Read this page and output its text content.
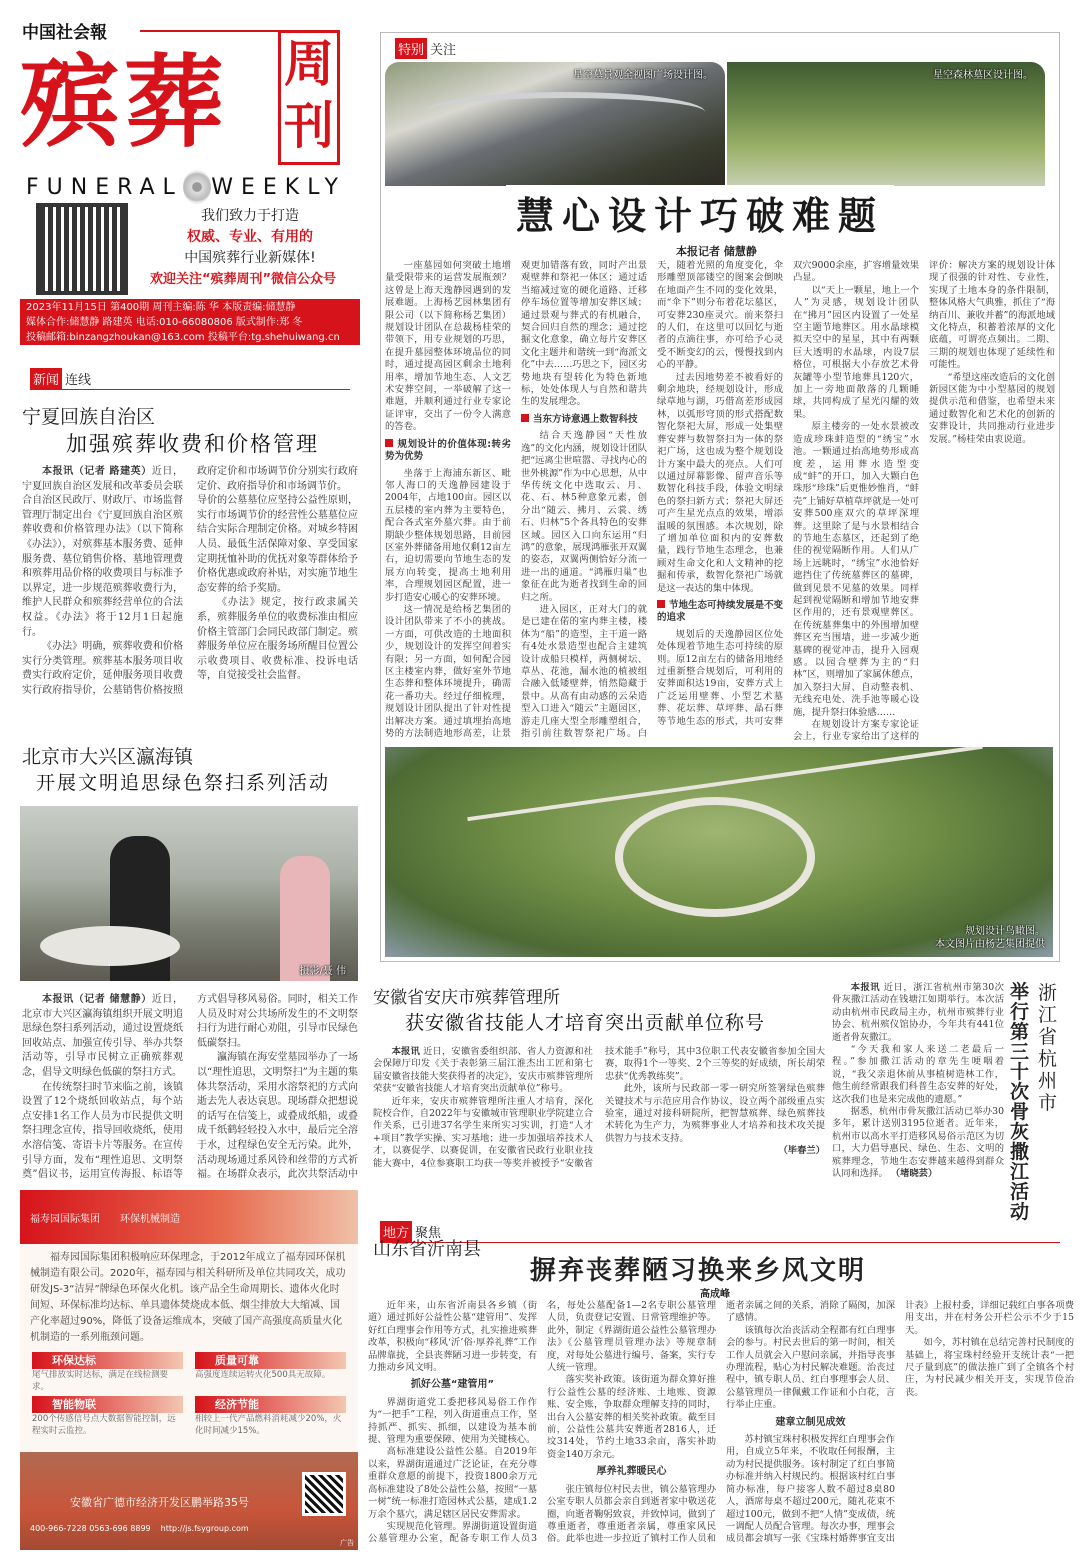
中国社会報
殡葬 周
刊
FUNERAL WEEKLY
我们致力于打造
权威、专业、有用的
中国殡葬行业新媒体!
欢迎关注“殡葬周刊”微信公众号
2023年11月15日 第400期 周刊主编:陈 华 本版责编:储慧静
媒体合作:储慧静 路建英 电话:010-66080806 版式制作:郑 冬
投稿邮箱:binzangzhoukan@163.com 投稿平台:tg.shehuiwang.cn
新闻 连线
宁夏回族自治区
加强殡葬收费和价格管理

本报讯（记者 路建英）近日，宁夏回族自治区发展和改革委员会联合自治区民政厅、财政厅、市场监督管理厅制定出台《宁夏回族自治区殡葬收费和价格管理办法》（以下简称《办法》），对殡葬基本服务费、延伸服务费、墓位销售价格、墓地管理费和殡葬用品价格的收费项目与标准予以界定，进一步规范殡葬收费行为，维护人民群众和殡葬经营单位的合法权益。《办法》将于12月1日起施行。

《办法》明确，殡葬收费和价格实行分类管理。殡葬基本服务项目收费实行政府定价，延伸服务项目收费实行政府指导价，公墓销售价格按照政府定价和市场调节价分别实行政府定价、政府指导价和市场调节价。

导价的公墓墓位应坚持公益性原则，实行市场调节价的经营性公墓墓位应结合实际合理制定价格。对城乡特困人员、最低生活保障对象、享受国家定期抚恤补助的优抚对象等群体给予价格优惠或政府补贴，对实施节地生态安葬的给予奖励。

《办法》规定，按行政隶属关系，殡葬服务单位的收费标准由相应价格主管部门会同民政部门制定。殡葬服务单位应在服务场所醒目位置公示收费项目、收费标准、投诉电话等，自觉接受社会监督。

北京市大兴区瀛海镇
开展文明追思绿色祭扫系列活动
摄影/聂 伟

本报讯（记者 储慧静）近日，北京市大兴区瀛海镇组织开展文明追思绿色祭扫系列活动，通过设置烧纸回收站点、加强宣传引导、举办共祭活动等，引导市民树立正确殡葬观念，倡导文明绿色低碳的祭扫方式。

在传统祭扫时节来临之前，该镇设置了12个烧纸回收站点，每个站点安排1名工作人员为市民提供文明祭扫理念宣传，指导回收烧纸，使用水溶信笺、寄语卡片等服务。在宣传引导方面，发布“理性追思、文明祭奠”倡议书，运用宣传海报、标语等方式倡导移风易俗。同时，相关工作人员及时对公共场所发生的不文明祭扫行为进行耐心劝阻，引导市民绿色低碳祭扫。

瀛海镇在海安堂墓园举办了一场以“理性追思，文明祭扫”为主题的集体共祭活动，采用水溶祭祀的方式向逝去先人表达哀思。现场群众把想说的话写在信笺上，或叠成纸船，或叠成千纸鹤轻轻投入水中，最后完全溶于水，过程绿色安全无污染。此外，活动现场通过系风铃和丝带的方式祈福。在场群众表示，此次共祭活动中

福寿园国际集团 环保机械制造

福寿园国际集团积极响应环保理念，于2012年成立了福寿园环保机械制造有限公司。2020年，福寿园与相关科研所及单位共同攻关，成功研发JS-3“洁昇”牌绿色环保火化机。该产品全生命周期长、遗体火化时间短、环保标准均达标、单具遗体焚烧成本低、烟尘排放大大缩减、国产化率超过90%，降低了设备运维成本，突破了国产高强度高质量火化机制造的一系列瓶颈问题。

环保达标
尾气排放实时达标，满足在线检测要求。
质量可靠
高强度连续运转火化500具无故障。
智能物联
200个传感信号点大数据智能控制，远程实时云监控。
经济节能
相较上一代产品燃料消耗减少20%，火化时间减少15%。
安徽省广德市经济开发区鹏举路35号
400-966-7228 0563-696 8899 http://js.fsygroup.com
广告
特别 关注
星空墓景观全视图广场设计图。	星空森林墓区设计图。
慧心设计巧破难题
本报记者 储慧静

一座墓园如何突破土地增量受限带来的运营发展瓶颈？这曾是上海天逸静园遇到的发展难题。上海杨艺园林集团有限公司（以下简称杨艺集团）规划设计团队在总裁杨桂荣的带领下，用专业规划的巧思，在提升墓园整体环境品位的同时，通过提高园区剩余土地利用率，增加节地生态、人文艺术安葬空间，一举破解了这一难题，并顺利通过行业专家论证评审，交出了一份令人满意的答卷。

规划设计的价值体现:转劣势为优势

坐落于上海浦东新区、毗邻人海口的天逸静园建设于2004年，占地100亩。园区以五层楼的室内葬为主要特色，配合各式室外墓穴葬。由于前期缺少整体规划思路，目前园区室外葬储备用地仅剩12亩左右，迫切需要向节地生态的发展方向转变，提高土地利用率，合理规划园区配置，进一步打造安心暖心的安葬环境。

这一情况是给杨艺集团的设计团队带来了不小的挑战。一方面，可供改造的土地面积少，规划设计的发挥空间着实有限；另一方面，如何配合园区主楼室内葬，做好室外节地生态葬和整体环境提升，确需花一番功夫。经过仔细梳理，规划设计团队提出了针对性提出解决方案。通过填埋抬高地势的方法制造地形高差，让景观更加错落有致，同时产出景观壁葬和祭祀一体区；通过适当缩减过宽的硬化道路、迁移停车场位置等增加安葬区域；通过景观与葬式的有机融合，契合回归自然的理念；通过挖掘文化意象，确立每片安葬区文化主题并和谐统一到“海派文化”中去……巧思之下，园区劣势地块有望转化为特色新地标，处处体现人与自然和谐共生的发展理念。

当东方诗意遇上数智科技

结合天逸静园“天性放逸”的文化内涵，规划设计团队把“远离尘世喧嚣、寻找内心的世外桃源”作为中心思想，从中华传统文化中选取云、月、花、石、林5种意象元素，创分出“随云、拂月、云裳、绣石、归林”5个各具特色的安葬区域。园区入口向东运用“归鸿”的意象，展现鸿雁张开双翼的姿态，双翼两侧恰好分流一进一出的通道。“鸿雁归巢”也象征在此为逝者找到生命的回归之所。

进入园区，正对大门的就是已建在偌的室内葬主楼，楼体为“船”的造型，主干道一路有4处水景造型也配合主建筑设计成船只模样，两侧树坛、草丛、花池，漏水池的植被组合融入低矮壁葬，悄然隐藏于景中。从高有由动感的云朵造型入口进入“随云”主题园区，游走几座大型全形雕塑组合，指引前往数智祭祀广场。白天，随着光照的角度变化，伞形雕塑顶部镂空的图案会倒映在地面产生不同的变化效果，而“伞下”则分布着花坛墓区，可安葬230座灵穴。前来祭扫的人们，在这里可以回忆与逝者的点滴往事，亦可给予心灵受不断变幻的云，慢慢找到内心的平静。

过去因地势差不被看好的剩余地块，经规划设计，形成绿草地与湖，巧借高差形成园林，以弧形穹顶的形式搭配数智化祭祀大屏，形成一处集壁葬安葬与数智祭扫为一体的祭祀广场，这也成为整个规划设计方案中最大的亮点。人们可以通过屏幕影像、留声音乐等数智化科技手段，体验文明绿色的祭扫新方式；祭祀大屏还可产生星光点点的效果，增添温暖的氛围感。本次规划，除了增加单位面积内的安葬数量，践行节地生态理念，也兼顾对生命文化和人文精神的挖掘和传承，数智化祭祀广场就是这一表达的集中体现。

节地生态可持续发展是不变的追求

规划后的天逸静园区位处处体现着节地生态可持续的原则。原12亩左右的储备用地经过重新整合规划后，可利用的安葬面积达19亩，安葬方式上广泛运用壁葬、小型艺术墓葬、花坛葬、草坪葬、晶石葬等节地生态的形式，共可安葬双穴9000余座，扩容增量效果凸显。

以“天上一颗星，地上一个人”为灵感，规划设计团队在“拂月”园区内设置了一处星空主题节地葬区。用水晶球模拟天空中的星星，其中有两颗巨大透明的水晶球，内设7层格位，可根据大小存放艺术骨灰罐等小型节地葬具120穴，加上一旁地面散落的几颗睡球，共同构成了星光闪耀的效果。

原主楼旁的一处水景被改造成珍珠蚌造型的“绣宝”水池。一颗通过抬高地势形成高度差，运用葬水造型变成“蚌”的开口，加入大颗白色珠形“珍珠”后更惟妙惟肖，“蚌壳”上铺好草植草坪就是一处可安葬500座双穴的草坪深埋葬。这里除了是与水景相结合的节地生态墓区，还起到了绝佳的视觉隔断作用。人们从广场上远眺时，“绣宝”水池恰好遮挡住了传统墓葬区的墓碑，做到见景不见墓的效果。同样起到视觉隔断和增加节地安葬区作用的，还有景观壁葬区。在传统墓葬集中的外围增加壁葬区充当围墙，进一步减少逝墓碑的视觉冲击，提升入园观感。以园合壁葬为主的“归林”区，则增加了家属休憩点，加入祭扫大屏、自动整表机、无线充电处、洗手池等暖心设施，提升祭扫体验感……

在规划设计方案专家论证会上，行业专家给出了这样的评价：解决方案的规划设计体现了很强的针对性、专业性，实现了土地本身的条件限制，整体风格大气典雅，抓住了“海纳百川、兼收并蓄”的海派地域文化特点，积蓄着浓厚的文化底蕴，可谓亮点频出。二期、三期的规划也体现了延续性和可能性。

“希望这座改造后的文化创新园区能为中小型墓园的规划提供示范和借鉴，也希望未来通过数智化和艺术化的创新的安葬设计，共同推动行业进步发展。”杨桂荣由衷说道。

规划设计鸟瞰图。
本文图片由杨艺集团提供
安徽省安庆市殡葬管理所
获安徽省技能人才培育突出贡献单位称号

本报讯 近日，安徽省委组织部、省人力资源和社会保障厅印发《关于表彰第三届江淮杰出工匠和第七届安徽省技能大奖获得者的决定》，安庆市殡葬管理所荣获“安徽省技能人才培育突出贡献单位”称号。

近年来，安庆市殡葬管理所注重人才培育，深化院校合作，自2022年与安徽城市管理职业学院建立合作关系，已引进37名学生来所实习实训，打造“人才+项目”教学实操、实习基地；进一步加强培养技术人才，以赛促学、以赛促训，在安徽省民政行业职业技能大赛中，4位参赛职工均获一等奖并被授予“安徽省技术能手”称号，其中3位职工代表安徽省参加全国大赛，取得1个一等奖、2个三等奖的好成绩，所长胡荣忠获“优秀教练奖”。

此外，该所与民政部一零一研究所签署绿色殡葬关键技术与示范应用合作协议，设立两个部级重点实验室，通过对接科研院所，把智慧殡葬、绿色殡葬技术转化为生产力，为殡葬事业人才培养和技术攻关提供智力与技术支持。

（毕春兰）

本报讯 近日，浙江省杭州市第30次骨灰撒江活动在钱塘江如期举行。本次活动由杭州市民政局主办，杭州市殡葬行业协会、杭州殡仪馆协办，今年共有441位逝者骨灰撒江。

“今天我和家人来送二老最后一程。”参加撒江活动的章先生哽咽着说，“我父亲退休前从事植树造林工作，他生前经常跟我们科普生态安葬的好处，这次我们也是来完成他的遗愿。”

据悉，杭州市骨灰撒江活动已举办30多年，累计送别3195位逝者。近年来，杭州市以高水平打造移风易俗示范区为切口，大力倡导惠民、绿色、生态、文明的殡葬理念，节地生态安葬越来越得到群众认同和选择。 （堵晓芸）

举行第三十次骨灰撒江活动
浙江省杭州市
地方 聚焦
山东省沂南县
摒弃丧葬陋习换来乡风文明
高成峰

近年来，山东省沂南县各乡镇（街道）通过抓好公益性公墓“建管用”、发挥好红白理事会作用等方式，扎实推进殡葬改革，积极向“移风‘沂’俗·厚养礼葬”工作品牌靠拢，全县丧葬陋习进一步转变，有力推动乡风文明。

抓好公墓“建管用”

界湖街道党工委把移风易俗工作作为“一把手”工程，列入街道重点工作，坚持抓严、抓实、抓细，以建设为基本前提、管理为重要保障、使用为关键核心。

高标准建设公益性公墓。自2019年以来，界湖街道通过广泛论证，在充分尊重群众意愿的前提下，投资1800余万元高标准建设了8处公益性公墓，按照“一墓一树”统一标准打造园林式公墓，建成1.2万余个墓穴，满足辖区居民安葬需求。

实现规范化管理。界湖街道设置街道公墓管理办公室，配备专职工作人员3名，每处公墓配备1—2名专职公墓管理人员，负责登记安置、日常管理维护等。此外，制定《界湖街道公益性公墓管理办法》《公墓管理员管理办法》等规章制度，对每处公墓进行编号、备案，实行专人统一管理。

落实奖补政策。该街道为群众算好推行公益性公墓的经济账、土地账、资源账、安全账，争取群众理解支持的同时，出台入公墓安葬的相关奖补政策。截至目前，公益性公墓共安葬逝者2816人，迁坟314处，节约土地33余亩，落实补助资金140万余元。

厚养礼葬暖民心

张庄镇每位村民去世，镇公墓管理办公室专职人员都会亲自到逝者家中敬送花圈，向逝者鞠躬致哀，并致悼词，做到了尊重逝者，尊重逝者亲属，尊重家风民俗。此举也进一步拉近了镇村工作人员和逝者亲属之间的关系，消除了隔阂，加深了感情。

该镇每次治丧活动全程都有红白理事会的参与。村民去世后的第一时间，相关工作人员就会入户慰问亲属，并指导丧事办理流程，贴心为村民解决难题。治丧过程中，镇专职人员、红白事理事会人员、公墓管理员一律佩戴工作证和小白花，言行举止庄重。

建章立制见成效

苏村镇宝珠村积极发挥红白理事会作用，自成立5年来，不收取任何报酬，主动为村民提供服务。该村制定了红白事简办标准并纳入村规民约。根据该村红白事简办标准，每户接客人数不超过8桌80人，酒席每桌不超过200元，随礼花束不超过100元，做到不把“人情”变成债，统一调配人员配合管理。每次办事，理事会成员都会填写一张《宝珠村婚葬事宜支出计表》上报村委，详细记载红白事各项费用支出，并在村务公开栏公示不少于15天。

如今，苏村镇在总结完善村民制度的基础上，将宝珠村经验开支统计表“一把尺子量到底”的做法推广到了全镇各个村庄，为村民减少相关开支，实现节俭治丧。
